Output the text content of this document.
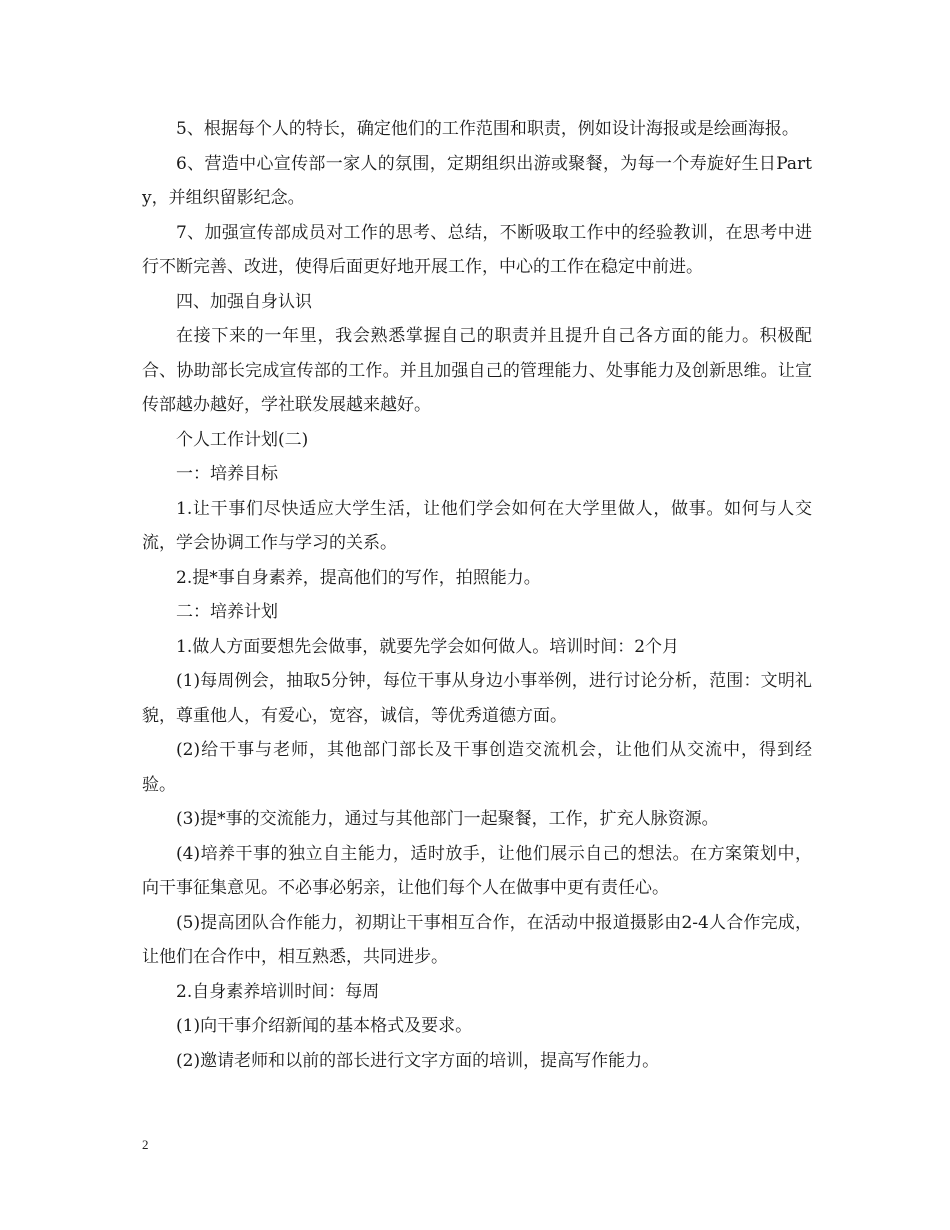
5、根据每个人的特长，确定他们的工作范围和职责，例如设计海报或是绘画海报。

6、营造中心宣传部一家人的氛围，定期组织出游或聚餐，为每一个寿旋好生日Party，并组织留影纪念。

7、加强宣传部成员对工作的思考、总结，不断吸取工作中的经验教训，在思考中进行不断完善、改进，使得后面更好地开展工作，中心的工作在稳定中前进。

四、加强自身认识

在接下来的一年里，我会熟悉掌握自己的职责并且提升自己各方面的能力。积极配合、协助部长完成宣传部的工作。并且加强自己的管理能力、处事能力及创新思维。让宣传部越办越好，学社联发展越来越好。

个人工作计划(二)

一：培养目标

1.让干事们尽快适应大学生活，让他们学会如何在大学里做人，做事。如何与人交流，学会协调工作与学习的关系。

2.提*事自身素养，提高他们的写作，拍照能力。

二：培养计划

1.做人方面要想先会做事，就要先学会如何做人。培训时间：2个月

(1)每周例会，抽取5分钟，每位干事从身边小事举例，进行讨论分析，范围：文明礼貌，尊重他人，有爱心，宽容，诚信，等优秀道德方面。

(2)给干事与老师，其他部门部长及干事创造交流机会，让他们从交流中，得到经验。

(3)提*事的交流能力，通过与其他部门一起聚餐，工作，扩充人脉资源。

(4)培养干事的独立自主能力，适时放手，让他们展示自己的想法。在方案策划中，向干事征集意见。不必事必躬亲，让他们每个人在做事中更有责任心。

(5)提高团队合作能力，初期让干事相互合作，在活动中报道摄影由2-4人合作完成，让他们在合作中，相互熟悉，共同进步。

2.自身素养培训时间：每周

(1)向干事介绍新闻的基本格式及要求。

(2)邀请老师和以前的部长进行文字方面的培训，提高写作能力。

2
